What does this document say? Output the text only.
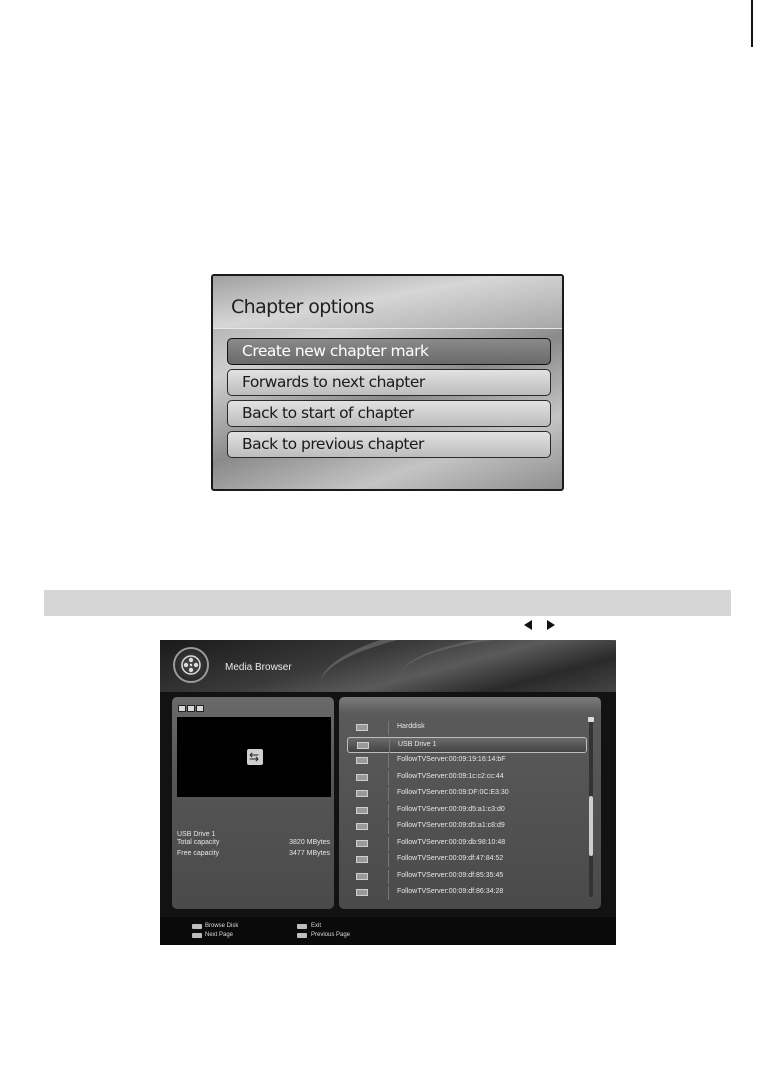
Chapter options
Create new chapter mark
Forwards to next chapter
Back to start of chapter
Back to previous chapter
Media Browser
⇆
USB Drive 1
Total capacity	3820 MBytes
Free capacity	3477 MBytes
Harddisk
USB Drive 1
FollowTVServer:00:09:19:16:14:bF
FollowTVServer:00:09:1c:c2:cc:44
FollowTVServer:00:09:DF:0C:E3:30
FollowTVServer:00:09:d5:a1:c3:d0
FollowTVServer:00:09:d5:a1:c8:d9
FollowTVServer:00:09:db:98:10:48
FollowTVServer:00:09:df:47:84:52
FollowTVServer:00:09:df:85:35:45
FollowTVServer:00:09:df:86:34:28
Browse Disk
Next Page
Exit
Previous Page
